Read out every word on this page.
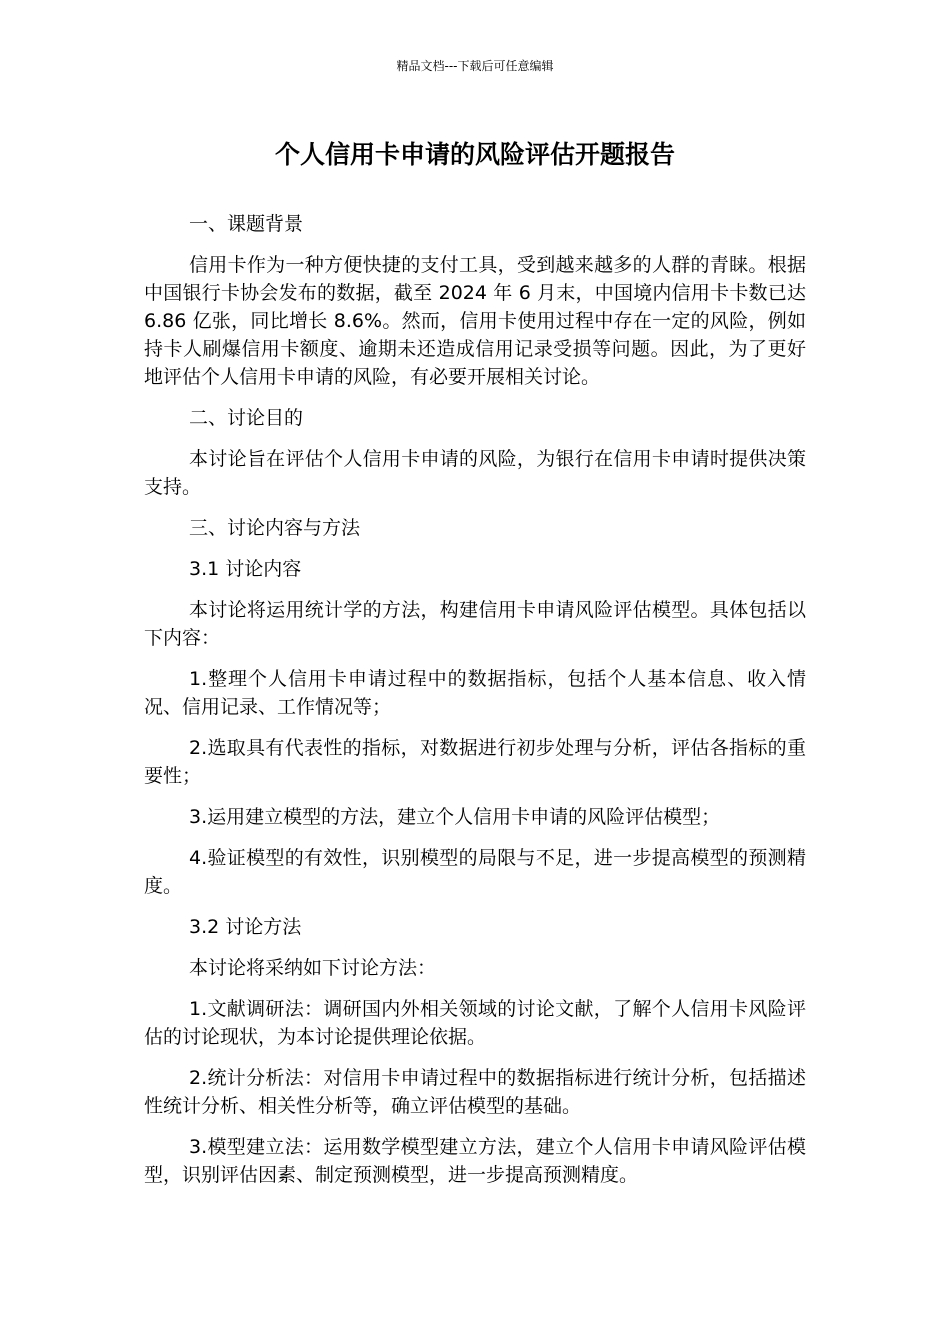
精品文档---下载后可任意编辑
个人信用卡申请的风险评估开题报告

一、课题背景

信用卡作为一种方便快捷的支付工具，受到越来越多的人群的青睐。根据中国银行卡协会发布的数据，截至 2024 年 6 月末，中国境内信用卡卡数已达 6.86 亿张，同比增长 8.6%。然而，信用卡使用过程中存在一定的风险，例如持卡人刷爆信用卡额度、逾期未还造成信用记录受损等问题。因此，为了更好地评估个人信用卡申请的风险，有必要开展相关讨论。

二、讨论目的

本讨论旨在评估个人信用卡申请的风险，为银行在信用卡申请时提供决策支持。

三、讨论内容与方法

3.1 讨论内容

本讨论将运用统计学的方法，构建信用卡申请风险评估模型。具体包括以下内容：

1.整理个人信用卡申请过程中的数据指标，包括个人基本信息、收入情况、信用记录、工作情况等；

2.选取具有代表性的指标，对数据进行初步处理与分析，评估各指标的重要性；

3.运用建立模型的方法，建立个人信用卡申请的风险评估模型；

4.验证模型的有效性，识别模型的局限与不足，进一步提高模型的预测精度。

3.2 讨论方法

本讨论将采纳如下讨论方法：

1.文献调研法：调研国内外相关领域的讨论文献，了解个人信用卡风险评估的讨论现状，为本讨论提供理论依据。

2.统计分析法：对信用卡申请过程中的数据指标进行统计分析，包括描述性统计分析、相关性分析等，确立评估模型的基础。

3.模型建立法：运用数学模型建立方法，建立个人信用卡申请风险评估模型，识别评估因素、制定预测模型，进一步提高预测精度。
